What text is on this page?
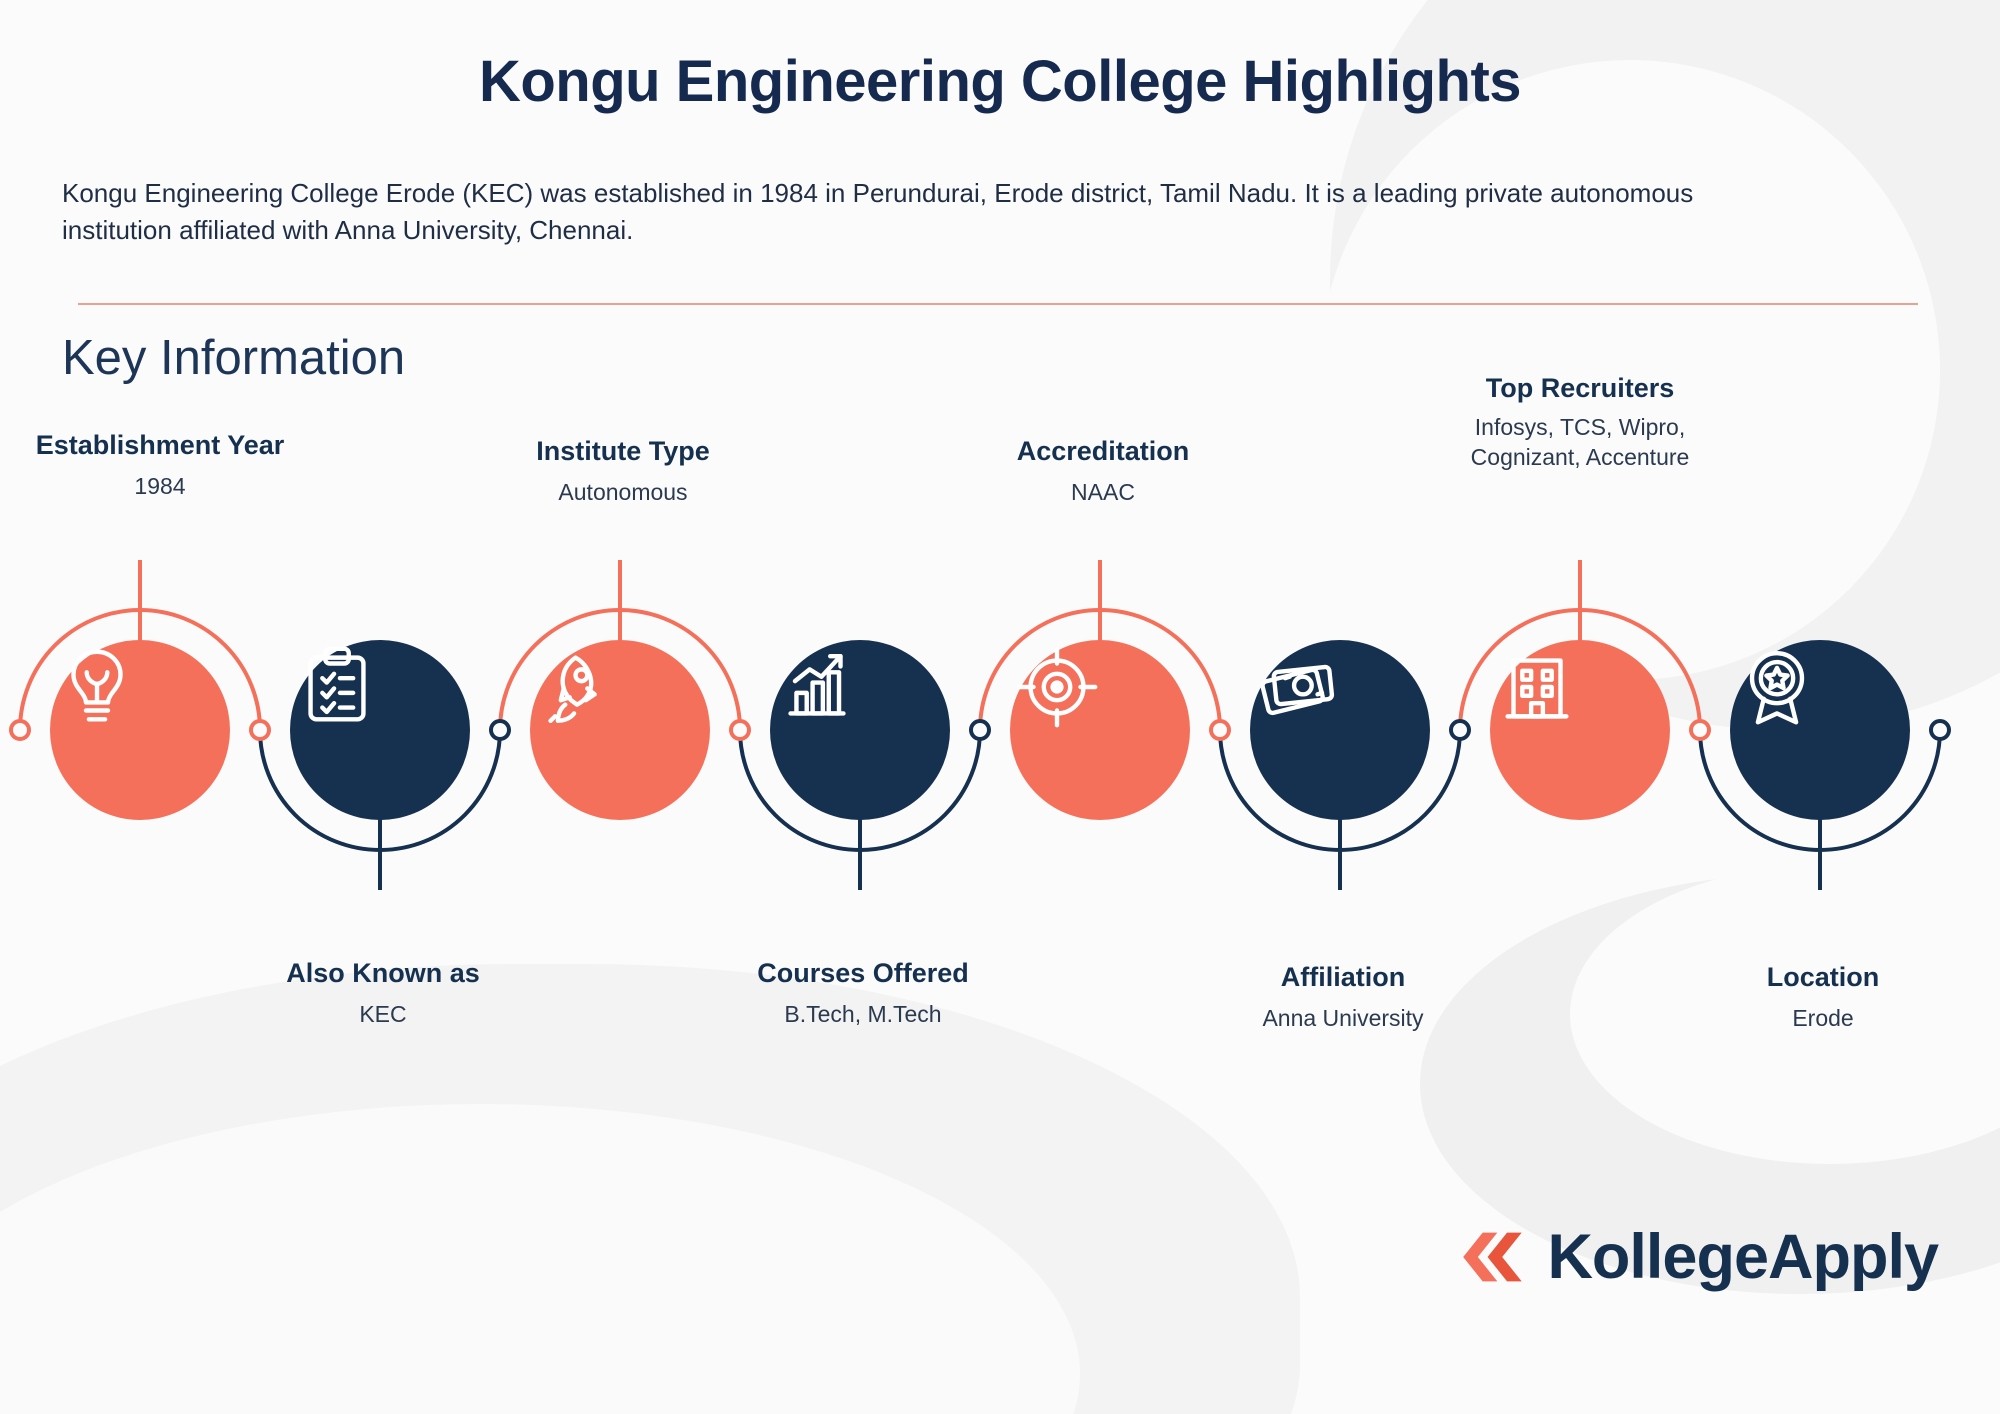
Kongu Engineering College Highlights
Kongu Engineering College Erode (KEC) was established in 1984 in Perundurai, Erode district, Tamil Nadu. It is a leading private autonomous institution affiliated with Anna University, Chennai.
Key Information
Establishment Year
1984
Institute Type
Autonomous
Accreditation
NAAC
Top Recruiters
Infosys, TCS, Wipro, Cognizant, Accenture
Also Known as
KEC
Courses Offered
B.Tech, M.Tech
Affiliation
Anna University
Location
Erode
KollegeApply
